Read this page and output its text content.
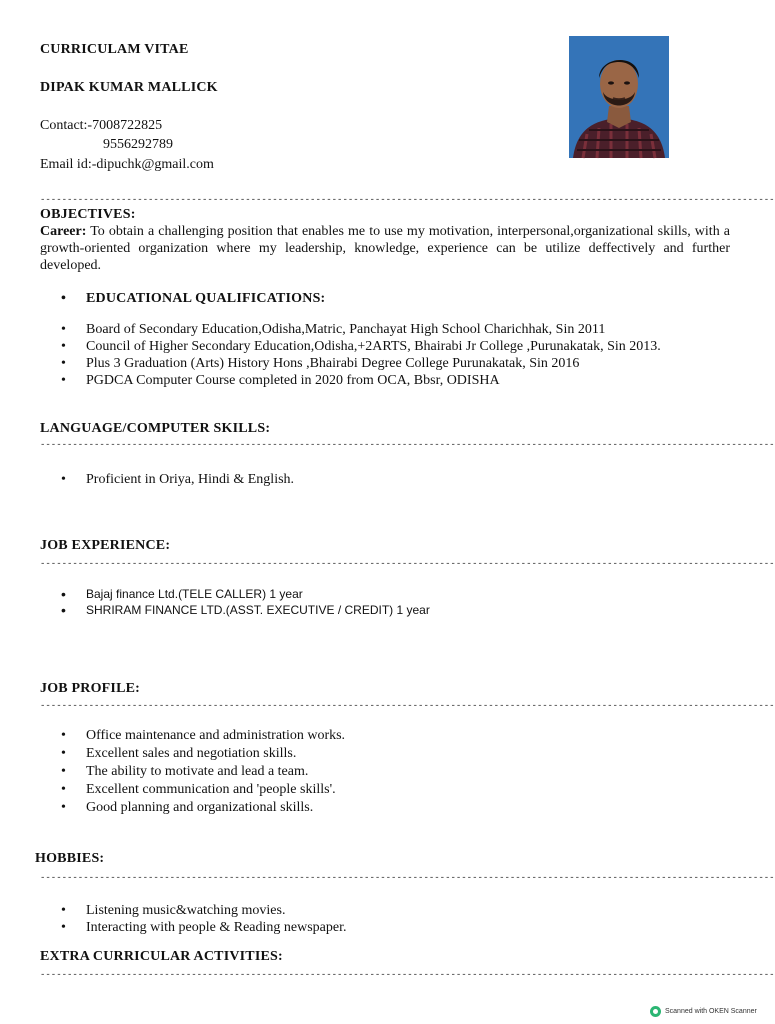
CURRICULAM VITAE
DIPAK KUMAR MALLICK
Contact:-7008722825
9556292789
Email id:-dipuchk@gmail.com
----------------------------------------------------------------------------------------------------------------------------------------
OBJECTIVES:
Career: To obtain a challenging position that enables me to use my motivation, interpersonal,organizational skills, with a growth-oriented organization where my leadership, knowledge, experience can be utilize deffectively and further developed.
• EDUCATIONAL QUALIFICATIONS:
• Board of Secondary Education,Odisha,Matric, Panchayat High School Charichhak, Sin 2011
• Council of Higher Secondary Education,Odisha,+2ARTS, Bhairabi Jr College ,Purunakatak, Sin 2013.
• Plus 3 Graduation (Arts) History Hons ,Bhairabi Degree College Purunakatak, Sin 2016
• PGDCA Computer Course completed in 2020 from OCA, Bbsr, ODISHA
LANGUAGE/COMPUTER SKILLS:
----------------------------------------------------------------------------------------------------------------------------------------
• Proficient in Oriya, Hindi & English.
JOB EXPERIENCE:
----------------------------------------------------------------------------------------------------------------------------------------
• Bajaj finance Ltd.(TELE CALLER) 1 year
• SHRIRAM FINANCE LTD.(ASST. EXECUTIVE / CREDIT) 1 year
JOB PROFILE:
----------------------------------------------------------------------------------------------------------------------------------------
• Office maintenance and administration works.
• Excellent sales and negotiation skills.
• The ability to motivate and lead a team.
• Excellent communication and 'people skills'.
• Good planning and organizational skills.
HOBBIES:
----------------------------------------------------------------------------------------------------------------------------------------
• Listening music&watching movies.
• Interacting with people & Reading newspaper.
EXTRA CURRICULAR ACTIVITIES:
----------------------------------------------------------------------------------------------------------------------------------------
Scanned with OKEN Scanner
